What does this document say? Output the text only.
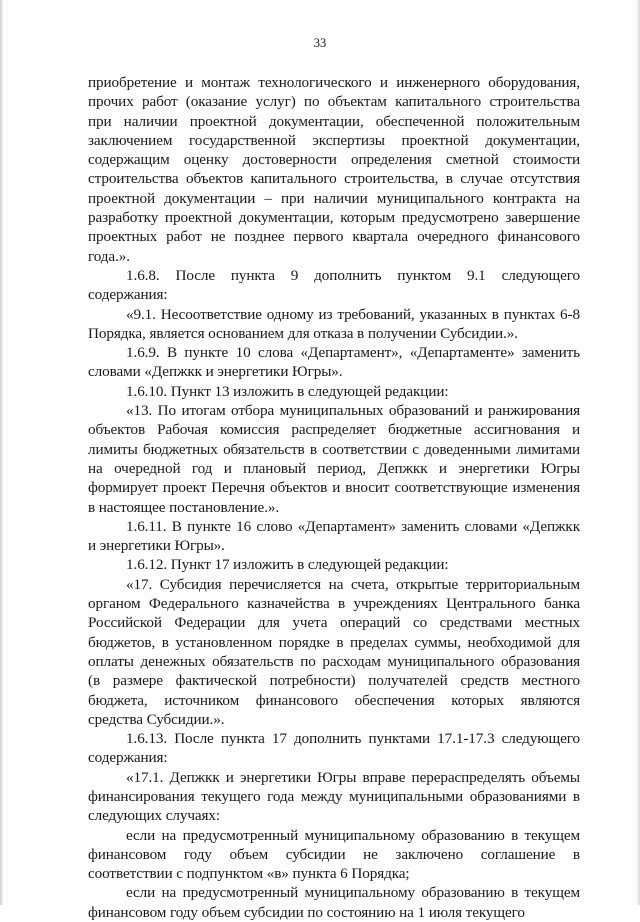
33

приобретение и монтаж технологического и инженерного оборудования,
прочих работ (оказание услуг) по объектам капитального строительства
при наличии проектной документации, обеспеченной положительным
заключением государственной экспертизы проектной документации,
содержащим оценку достоверности определения сметной стоимости
строительства объектов капитального строительства, в случае отсутствия
проектной документации – при наличии муниципального контракта на
разработку проектной документации, которым предусмотрено завершение
проектных работ не позднее первого квартала очередного финансового
года.».

1.6.8. После пункта 9 дополнить пунктом 9.1 следующего
содержания:

«9.1. Несоответствие одному из требований, указанных в пунктах 6-8
Порядка, является основанием для отказа в получении Субсидии.».

1.6.9. В пункте 10 слова «Департамент», «Департаменте» заменить
словами «Депжкк и энергетики Югры».

1.6.10. Пункт 13 изложить в следующей редакции:

«13. По итогам отбора муниципальных образований и ранжирования
объектов Рабочая комиссия распределяет бюджетные ассигнования и
лимиты бюджетных обязательств в соответствии с доведенными лимитами
на очередной год и плановый период, Депжкк и энергетики Югры
формирует проект Перечня объектов и вносит соответствующие изменения
в настоящее постановление.».

1.6.11. В пункте 16 слово «Департамент» заменить словами «Депжкк
и энергетики Югры».

1.6.12. Пункт 17 изложить в следующей редакции:

«17. Субсидия перечисляется на счета, открытые территориальным
органом Федерального казначейства в учреждениях Центрального банка
Российской Федерации для учета операций со средствами местных
бюджетов, в установленном порядке в пределах суммы, необходимой для
оплаты денежных обязательств по расходам муниципального образования
(в размере фактической потребности) получателей средств местного
бюджета, источником финансового обеспечения которых являются
средства Субсидии.».

1.6.13. После пункта 17 дополнить пунктами 17.1-17.3 следующего
содержания:

«17.1. Депжкк и энергетики Югры вправе перераспределять объемы
финансирования текущего года между муниципальными образованиями в
следующих случаях:

если на предусмотренный муниципальному образованию в текущем
финансовом году объем субсидии не заключено соглашение в
соответствии с подпунктом «в» пункта 6 Порядка;

если на предусмотренный муниципальному образованию в текущем
финансовом году объем субсидии по состоянию на 1 июля текущего
